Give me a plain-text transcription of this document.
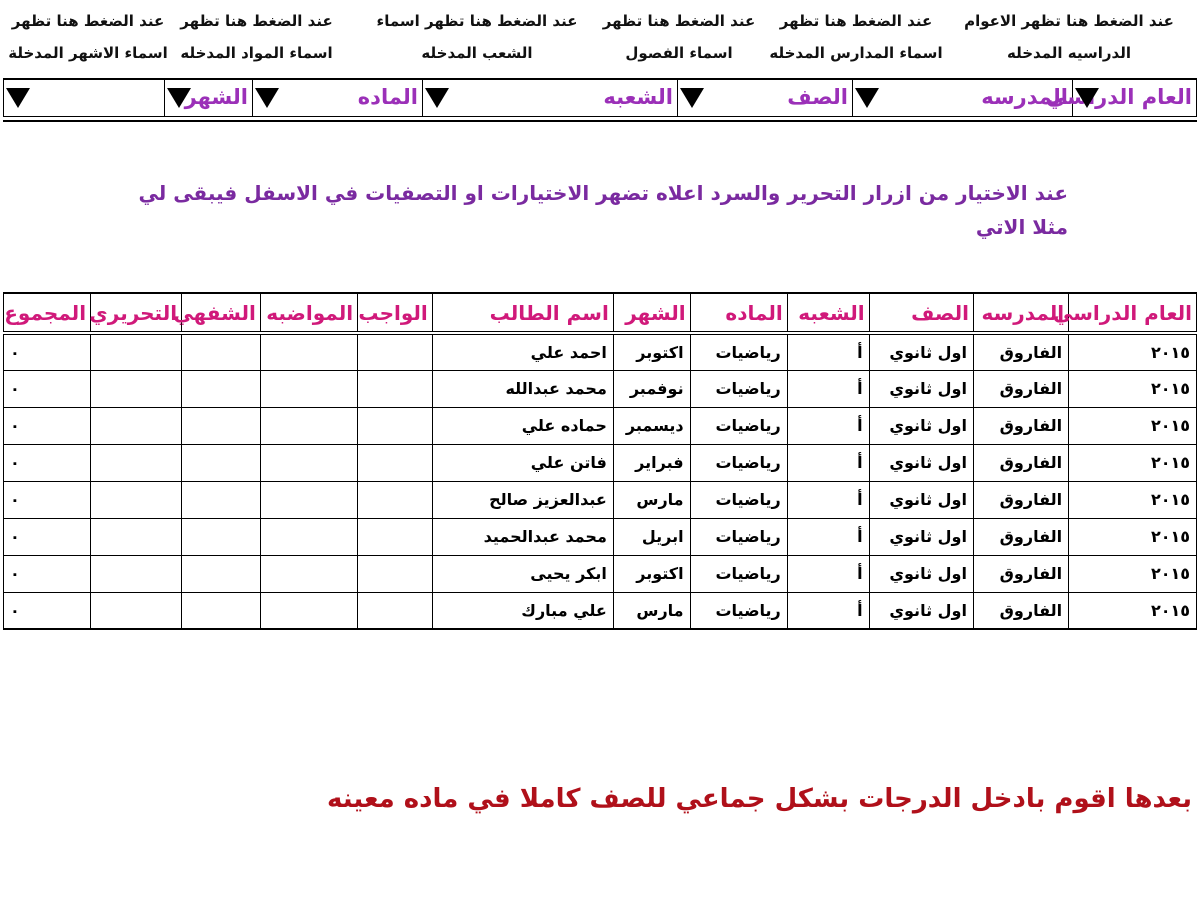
عند الضغط هنا تظهر الاعوام
الدراسيه المدخله
عند الضغط هنا تظهر
اسماء المدارس المدخله
عند الضغط هنا تظهر
اسماء الفصول
عند الضغط هنا تظهر اسماء
الشعب المدخله
عند الضغط هنا تظهر
اسماء المواد المدخله
عند الضغط هنا تظهر
اسماء الاشهر المدخلة
العام الدراسي
المدرسه
الصف
الشعبه
الماده
الشهر
عند الاختيار من ازرار التحرير والسرد اعلاه تضهر الاختيارات او التصفيات في الاسفل فيبقى لي مثلا الاتي
العام الدراسي	المدرسه	الصف	الشعبه	الماده	الشهر	اسم الطالب	الواجب	المواضبه	الشفهي	التحريري	المجموع
٢٠١٥	الفاروق	اول ثانوي	أ	رياضيات	اكتوبر	احمد علي					٠
٢٠١٥	الفاروق	اول ثانوي	أ	رياضيات	نوفمبر	محمد عبدالله					٠
٢٠١٥	الفاروق	اول ثانوي	أ	رياضيات	ديسمبر	حماده علي					٠
٢٠١٥	الفاروق	اول ثانوي	أ	رياضيات	فبراير	فاتن علي					٠
٢٠١٥	الفاروق	اول ثانوي	أ	رياضيات	مارس	عبدالعزيز صالح					٠
٢٠١٥	الفاروق	اول ثانوي	أ	رياضيات	ابريل	محمد عبدالحميد					٠
٢٠١٥	الفاروق	اول ثانوي	أ	رياضيات	اكتوبر	ابكر يحيى					٠
٢٠١٥	الفاروق	اول ثانوي	أ	رياضيات	مارس	علي مبارك					٠
بعدها اقوم بادخل الدرجات بشكل جماعي للصف كاملا في ماده معينه
